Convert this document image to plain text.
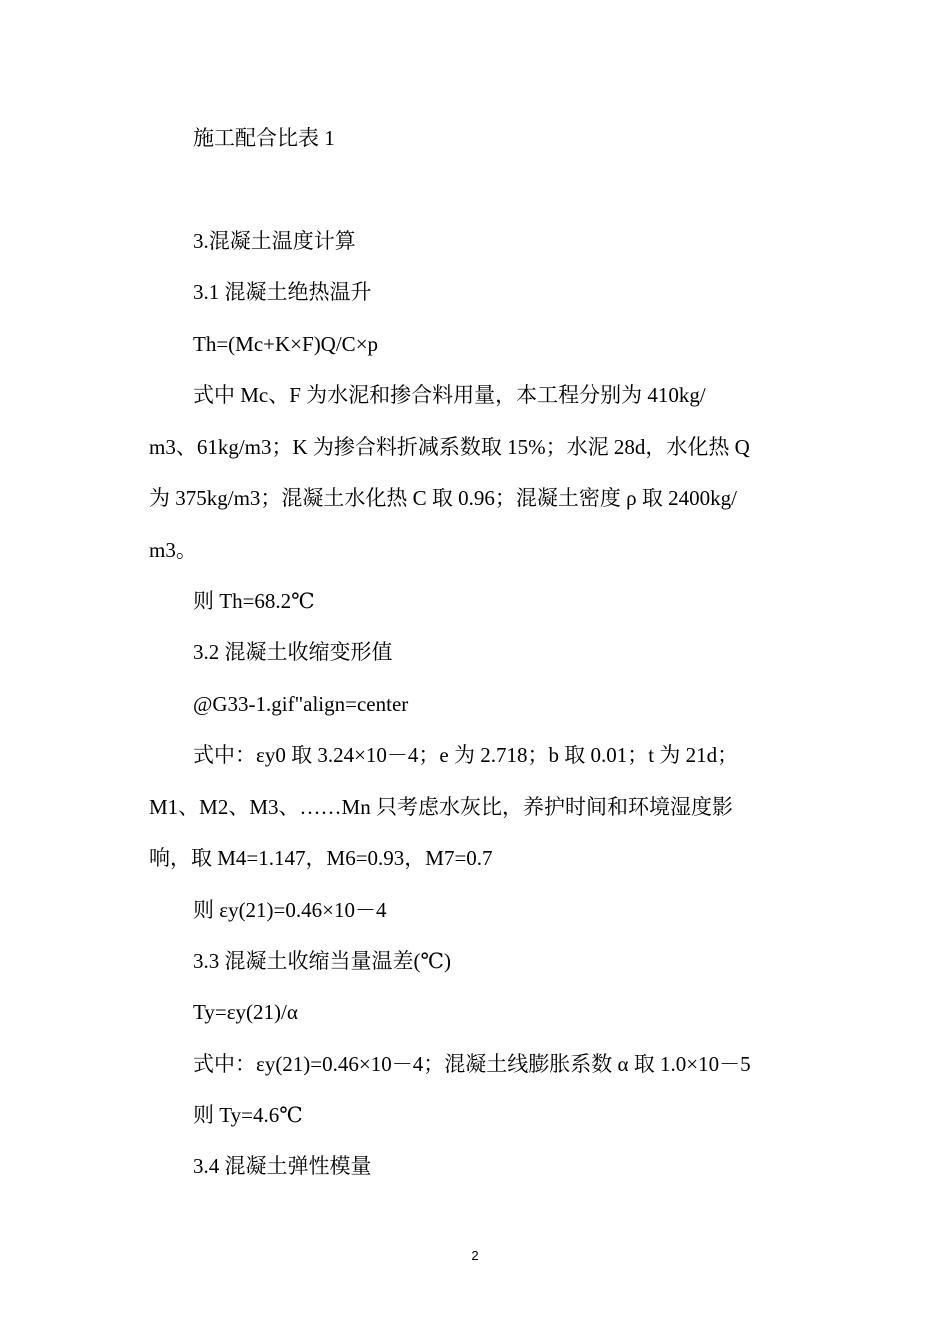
施工配合比表 1
3.混凝土温度计算
3.1 混凝土绝热温升
Th=(Mc+K×F)Q/C×p
式中 Mc、F 为水泥和掺合料用量，本工程分别为 410kg/
m3、61kg/m3；K 为掺合料折减系数取 15%；水泥 28d，水化热 Q
为 375kg/m3；混凝土水化热 C 取 0.96；混凝土密度 ρ 取 2400kg/
m3。
则 Th=68.2℃
3.2 混凝土收缩变形值
@G33-1.gif"align=center
式中：εy0 取 3.24×10－4；e 为 2.718；b 取 0.01；t 为 21d；
M1、M2、M3、……Mn 只考虑水灰比，养护时间和环境湿度影
响，取 M4=1.147，M6=0.93，M7=0.7
则 εy(21)=0.46×10－4
3.3 混凝土收缩当量温差(℃)
Ty=εy(21)/α
式中：εy(21)=0.46×10－4；混凝土线膨胀系数 α 取 1.0×10－5
则 Ty=4.6℃
3.4 混凝土弹性模量
2
